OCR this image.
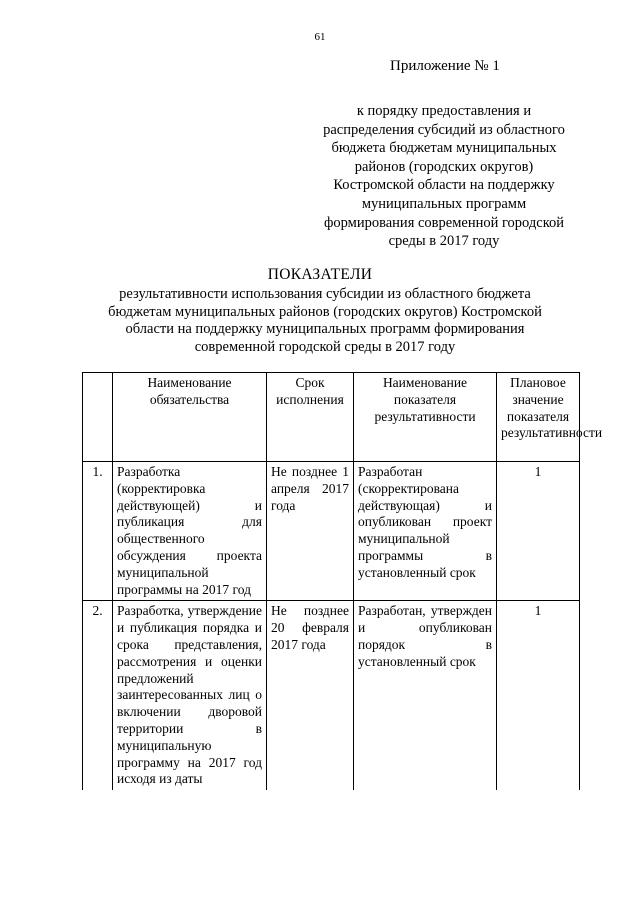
61
Приложение № 1
к порядку предоставления и
распределения субсидий из областного
бюджета бюджетам муниципальных
районов (городских округов)
Костромской области на поддержку
муниципальных программ
формирования современной городской
среды в 2017 году
ПОКАЗАТЕЛИ
результативности использования субсидии из областного бюджета
бюджетам муниципальных районов (городских округов) Костромской
области на поддержку муниципальных программ формирования
современной городской среды в 2017 году
	Наименование обязательства	Срок исполнения	Наименование показателя результативности	Плановое значение показателя результативности
1.	Разработка (корректировка действующей) и публикация для общественного обсуждения проекта муниципальной программы на 2017 год	Не позднее 1 апреля 2017 года	Разработан (скорректирована действующая) и опубликован проект муниципальной программы в установленный срок	1
2.	Разработка, утверждение и публикация порядка и срока представления, рассмотрения и оценки предложений заинтересованных лиц о включении дворовой территории в муниципальную программу на 2017 год исходя из даты	Не позднее 20 февраля 2017 года	Разработан, утвержден и опубликован порядок в установленный срок	1
